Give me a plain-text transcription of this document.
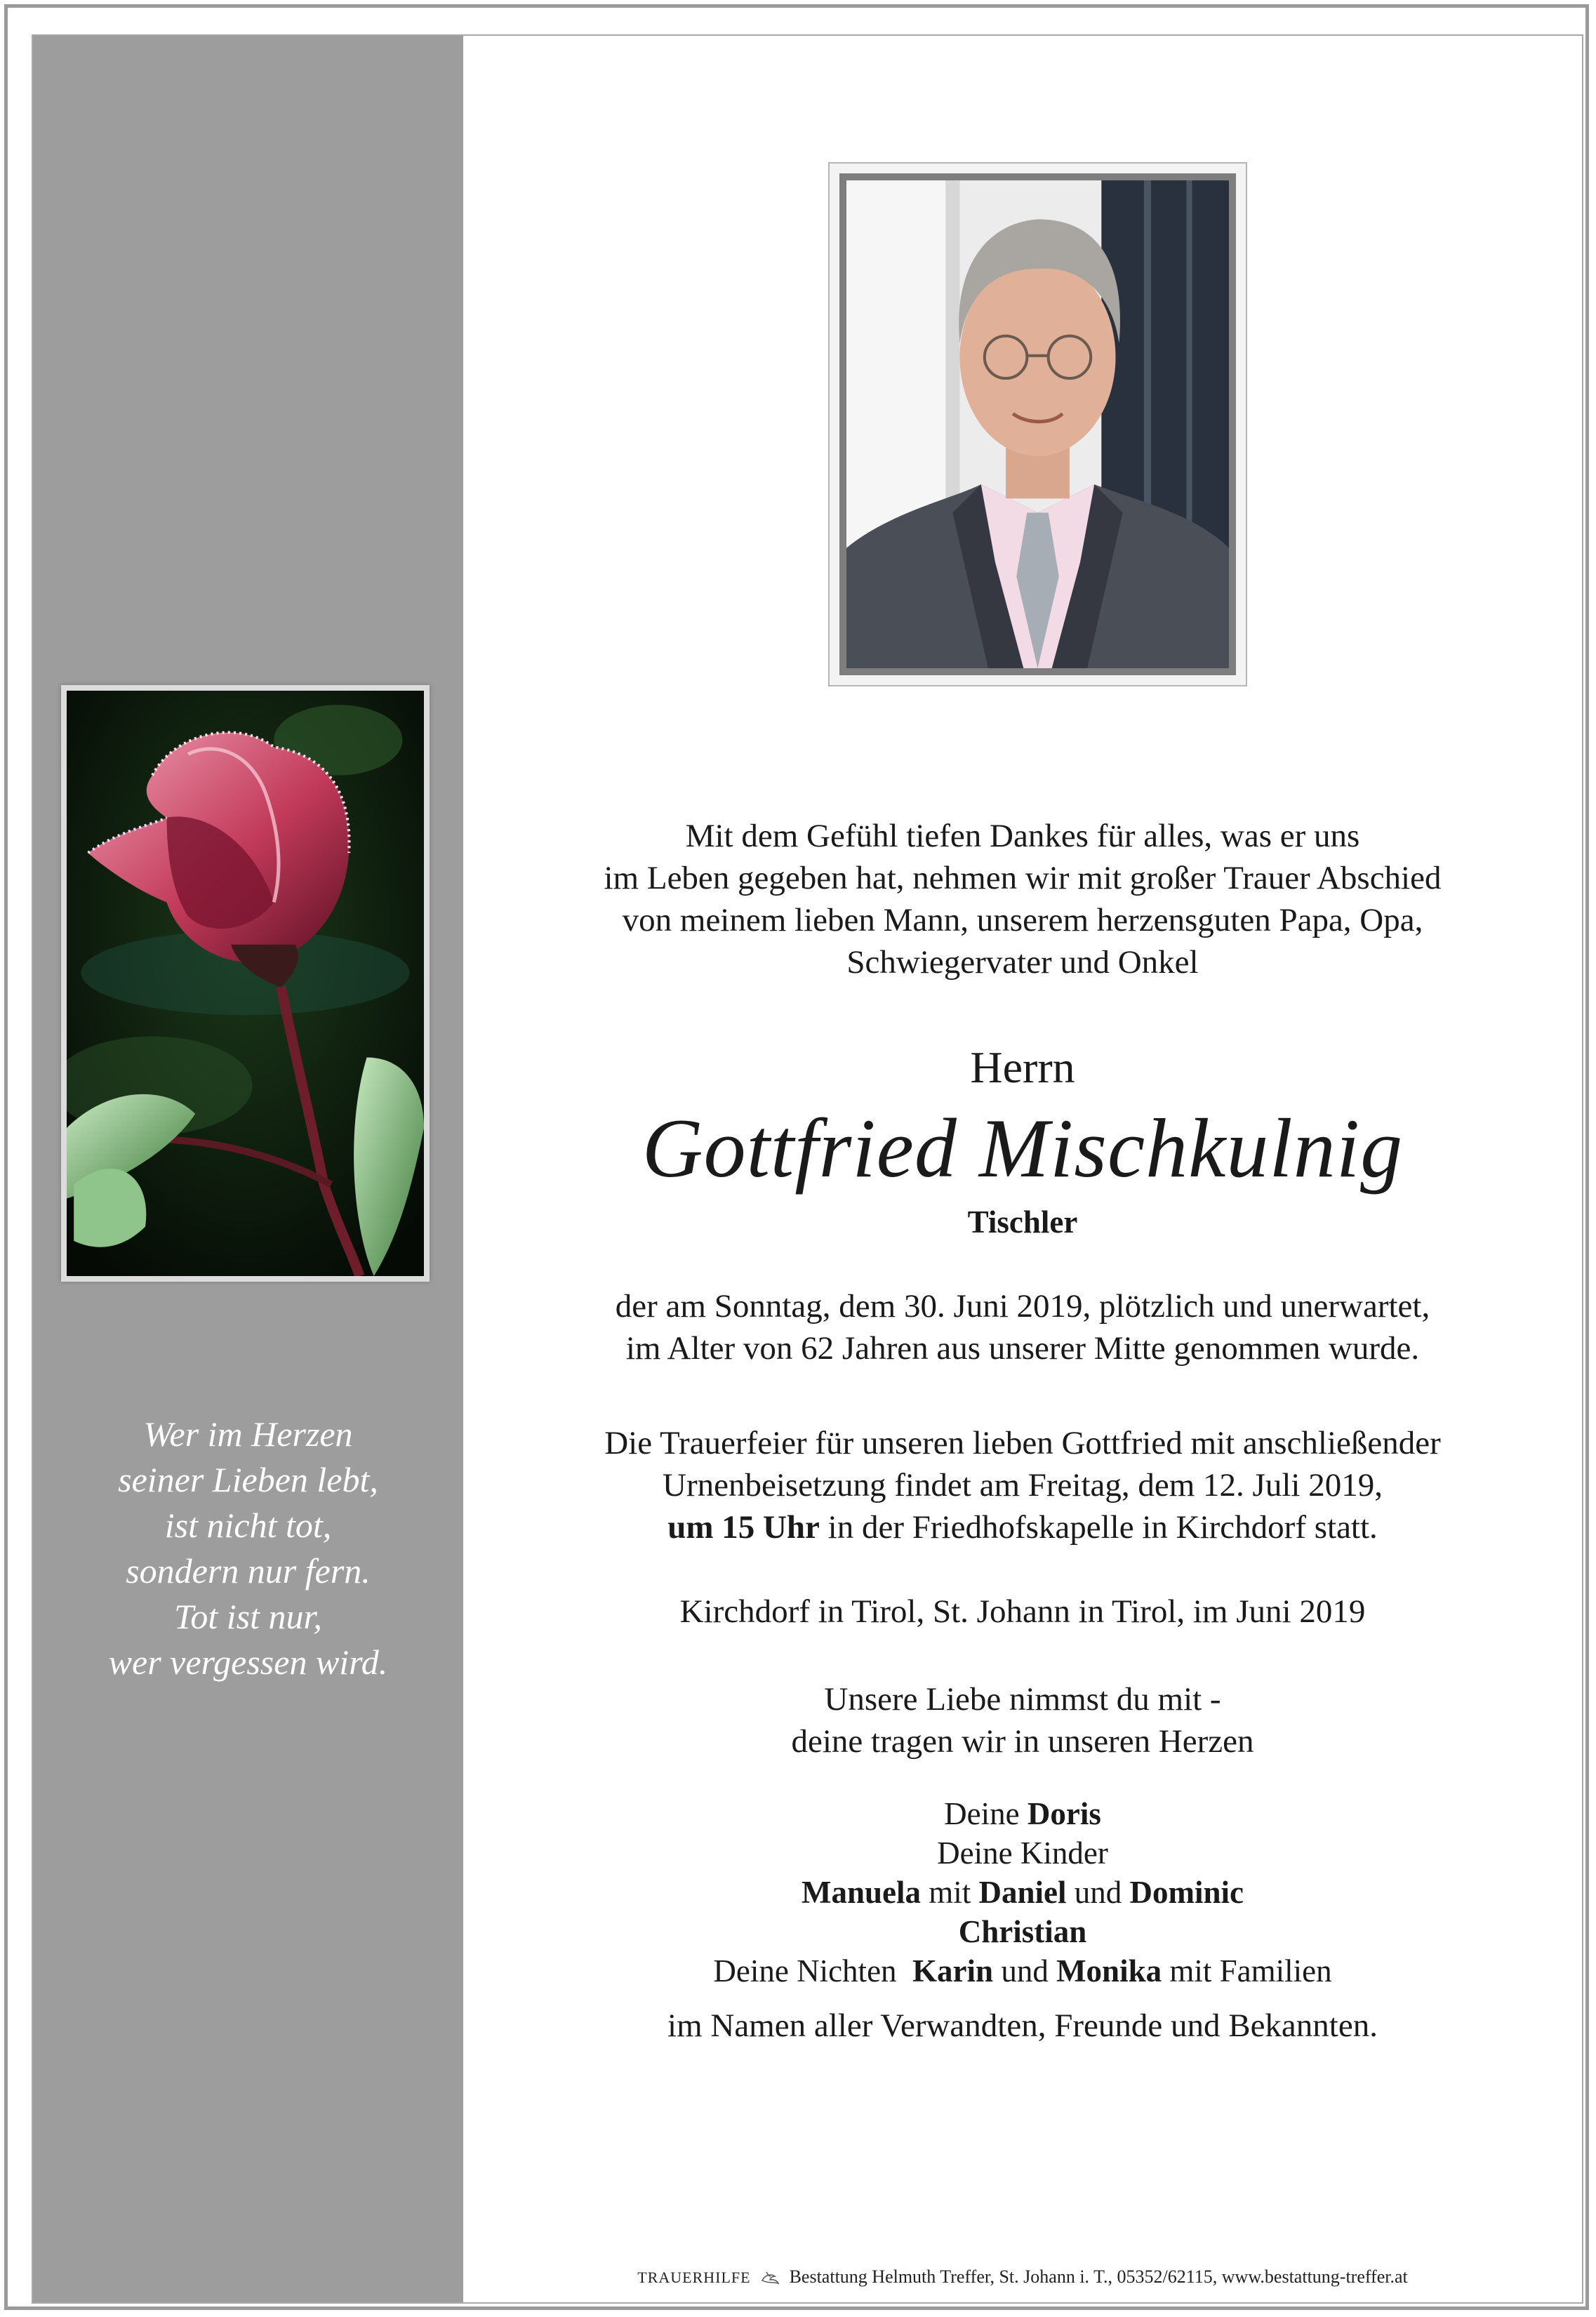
Wer im Herzen
seiner Lieben lebt,
ist nicht tot,
sondern nur fern.
Tot ist nur,
wer vergessen wird.
Mit dem Gefühl tiefen Dankes für alles, was er uns
im Leben gegeben hat, nehmen wir mit großer Trauer Abschied
von meinem lieben Mann, unserem herzensguten Papa, Opa,
Schwiegervater und Onkel
Herrn
Gottfried Mischkulnig
Tischler
der am Sonntag, dem 30. Juni 2019, plötzlich und unerwartet,
im Alter von 62 Jahren aus unserer Mitte genommen wurde.
Die Trauerfeier für unseren lieben Gottfried mit anschließender
Urnenbeisetzung findet am Freitag, dem 12. Juli 2019,
um 15 Uhr in der Friedhofskapelle in Kirchdorf statt.
Kirchdorf in Tirol, St. Johann in Tirol, im Juni 2019
Unsere Liebe nimmst du mit -
deine tragen wir in unseren Herzen
Deine Doris
Deine Kinder
Manuela mit Daniel und Dominic
Christian
Deine Nichten  Karin und Monika mit Familien
im Namen aller Verwandten, Freunde und Bekannten.
TRAUERHILFE Bestattung Helmuth Treffer, St. Johann i. T., 05352/62115, www.bestattung-treffer.at
